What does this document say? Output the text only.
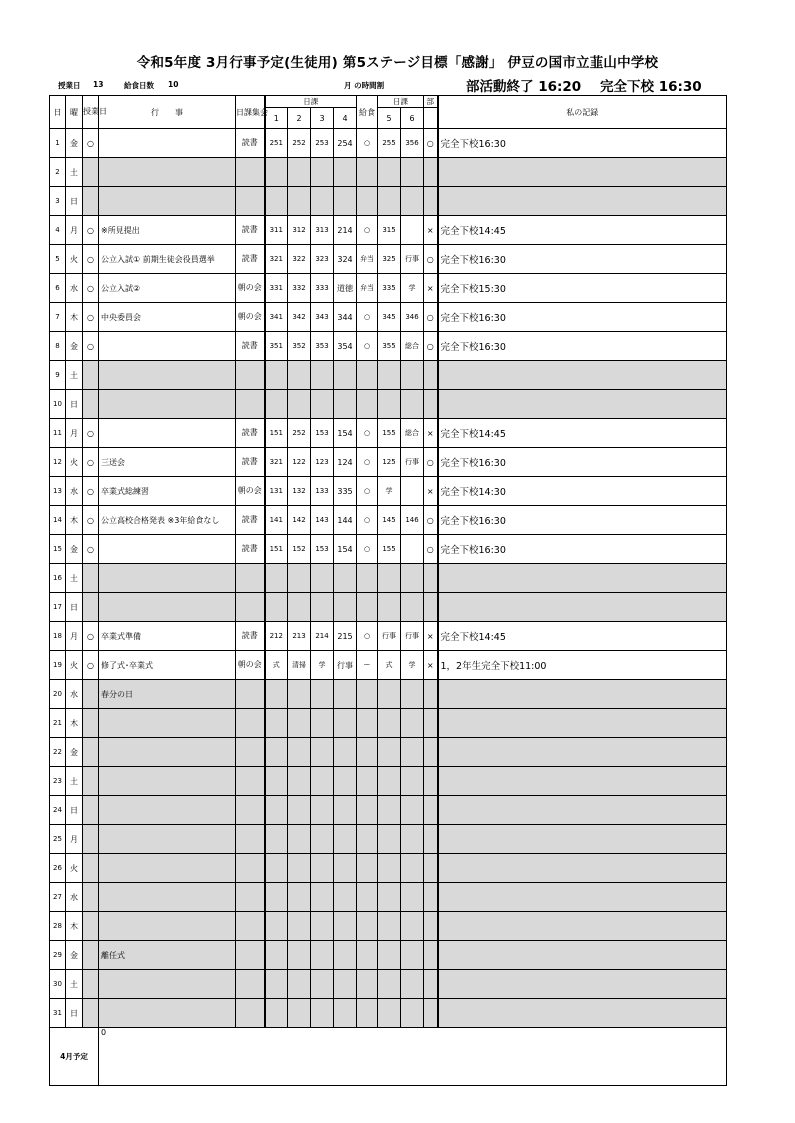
令和5年度 3月行事予定(生徒用) 第5ステージ目標「感謝」 伊豆の国市立韮山中学校
授業日 13	給食日数 10	月 の時間割	部活動終了 16:20 完全下校 16:30
日	曜	授業日	行　　事	日課集会	日課				給食	日課		部	私の記録
					1	2	3	4		5	6		
1	金	○		読書	251	252	253	254	○	255	356	○	完全下校16:30
2	土												
3	日												
4	月	○	※所見提出	読書	311	312	313	214	○	315		×	完全下校14:45
5	火	○	公立入試① 前期生徒会役員選挙	読書	321	322	323	324	弁当	325	行事	○	完全下校16:30
6	水	○	公立入試②	朝の会	331	332	333	道徳	弁当	335	学	×	完全下校15:30
7	木	○	中央委員会	朝の会	341	342	343	344	○	345	346	○	完全下校16:30
8	金	○		読書	351	352	353	354	○	355	総合	○	完全下校16:30
9	土												
10	日												
11	月	○		読書	151	252	153	154	○	155	総合	×	完全下校14:45
12	火	○	三送会	読書	321	122	123	124	○	125	行事	○	完全下校16:30
13	水	○	卒業式総練習	朝の会	131	132	133	335	○	学		×	完全下校14:30
14	木	○	公立高校合格発表 ※3年給食なし	読書	141	142	143	144	○	145	146	○	完全下校16:30
15	金	○		読書	151	152	153	154	○	155		○	完全下校16:30
16	土												
17	日												
18	月	○	卒業式準備	読書	212	213	214	215	○	行事	行事	×	完全下校14:45
19	火	○	修了式･卒業式	朝の会	式	清掃	学	行事	ー	式	学	×	1，2年生完全下校11:00
20	水		春分の日										
21	木												
22	金												
23	土												
24	日												
25	月												
26	火												
27	水												
28	木												
29	金		離任式										
30	土												
31	日												
4月予定			0										
